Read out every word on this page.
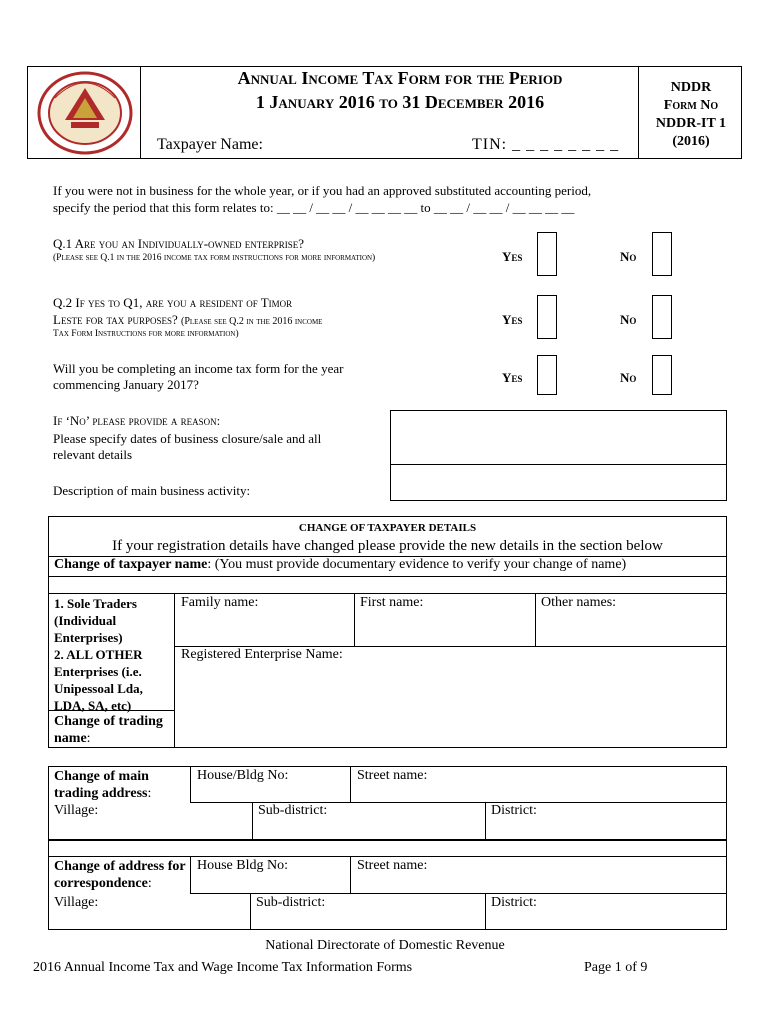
Annual Income Tax Form for the Period
1 January 2016 to 31 December 2016
Taxpayer Name:	TIN: _ _ _ _ _ _ _ _
NDDR
Form No
NDDR-IT 1
(2016)
If you were not in business for the whole year, or if you had an approved substituted accounting period,
specify the period that this form relates to: __ __ / __ __ / __ __ __ __ to __ __ / __ __ / __ __ __ __
Q.1 Are you an Individually-owned enterprise?
(Please see Q.1 in the 2016 income tax form instructions for more information)	Yes	No
Q.2 If yes to Q1, are you a resident of Timor
Leste for tax purposes? (Please see Q.2 in the 2016 income
Tax Form Instructions for more information)
Yes	No
Will you be completing an income tax form for the year
commencing January 2017?	Yes	No
If ‘No’ please provide a reason:
Please specify dates of business closure/sale and all
relevant details
Description of main business activity:
CHANGE OF TAXPAYER DETAILS
If your registration details have changed please provide the new details in the section below
Change of taxpayer name: (You must provide documentary evidence to verify your change of name)
1. Sole Traders (Individual Enterprises)
Family name:	First name:	Other names:
2. ALL OTHER Enterprises (i.e. Unipessoal Lda, LDA, SA, etc)
Registered Enterprise Name:
Change of trading name:
Change of main trading address:
House/Bldg No:	Street name:
Village:	Sub-district:	District:
Change of address for correspondence:
House Bldg No:	Street name:
Village:	Sub-district:	District:
National Directorate of Domestic Revenue
2016 Annual Income Tax and Wage Income Tax Information Forms	Page 1 of 9
